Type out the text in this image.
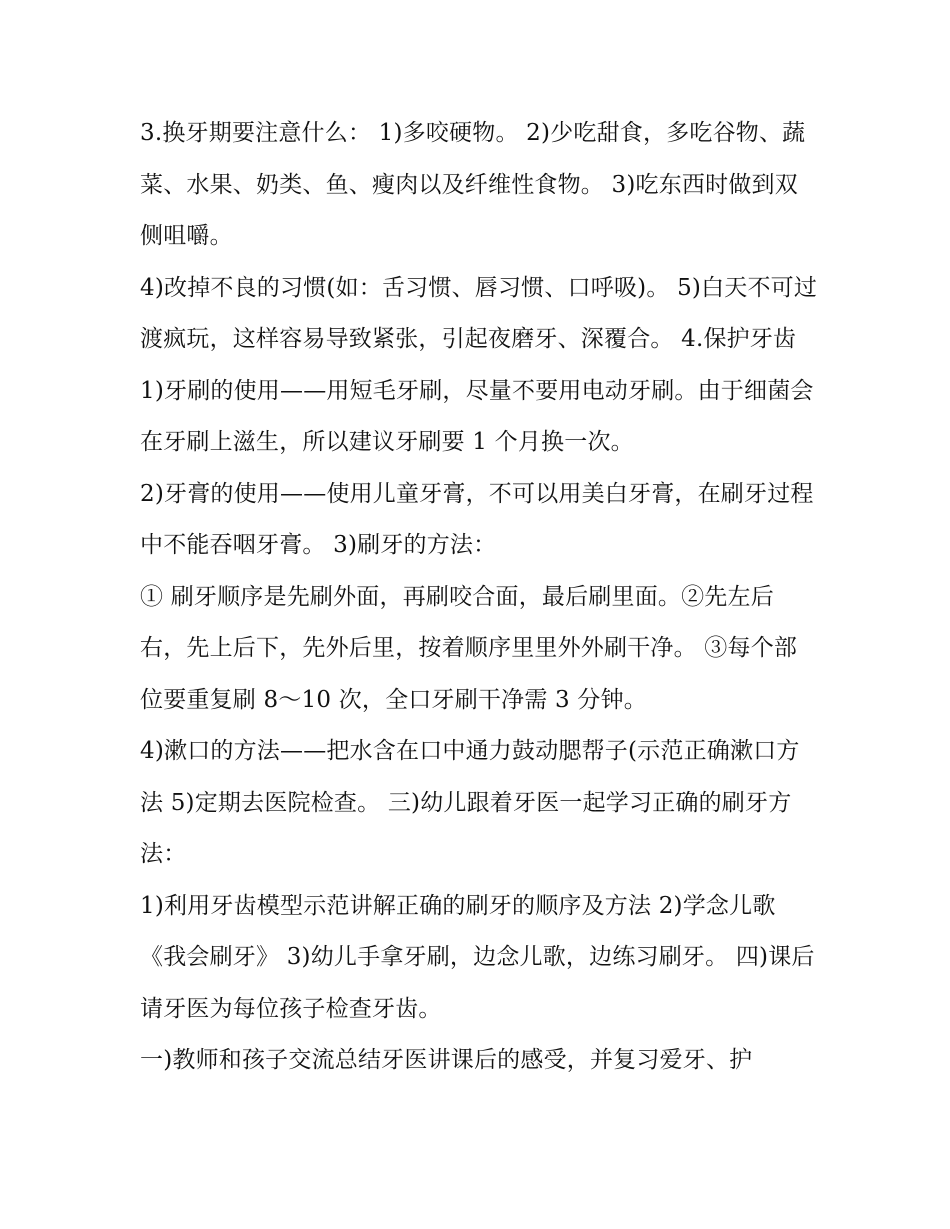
3.换牙期要注意什么： 1)多咬硬物。 2)少吃甜食，多吃谷物、蔬菜、水果、奶类、鱼、瘦肉以及纤维性食物。 3)吃东西时做到双侧咀嚼。

4)改掉不良的习惯(如：舌习惯、唇习惯、口呼吸)。 5)白天不可过渡疯玩，这样容易导致紧张，引起夜磨牙、深覆合。 4.保护牙齿

1)牙刷的使用——用短毛牙刷，尽量不要用电动牙刷。由于细菌会在牙刷上滋生，所以建议牙刷要 1 个月换一次。

2)牙膏的使用——使用儿童牙膏，不可以用美白牙膏，在刷牙过程中不能吞咽牙膏。 3)刷牙的方法：

① 刷牙顺序是先刷外面，再刷咬合面，最后刷里面。②先左后右，先上后下，先外后里，按着顺序里里外外刷干净。 ③每个部位要重复刷 8～10 次，全口牙刷干净需 3 分钟。

4)漱口的方法——把水含在口中通力鼓动腮帮子(示范正确漱口方法 5)定期去医院检查。 三)幼儿跟着牙医一起学习正确的刷牙方法：

1)利用牙齿模型示范讲解正确的刷牙的顺序及方法 2)学念儿歌《我会刷牙》 3)幼儿手拿牙刷，边念儿歌，边练习刷牙。 四)课后请牙医为每位孩子检查牙齿。

一)教师和孩子交流总结牙医讲课后的感受，并复习爱牙、护
